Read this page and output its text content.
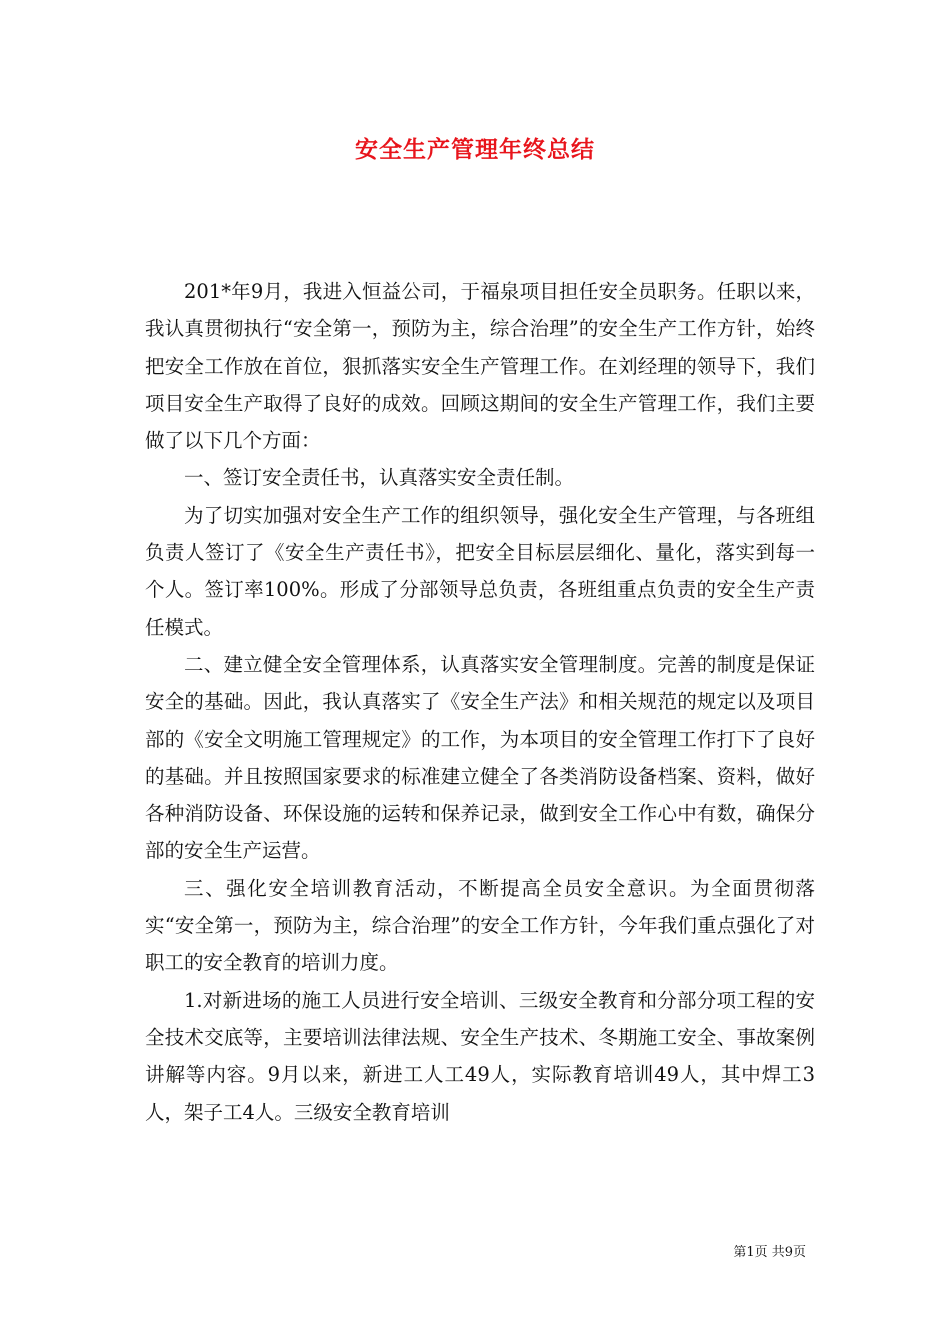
安全生产管理年终总结

201*年9月，我进入恒益公司，于福泉项目担任安全员职务。任职以来，我认真贯彻执行“安全第一，预防为主，综合治理”的安全生产工作方针，始终把安全工作放在首位，狠抓落实安全生产管理工作。在刘经理的领导下，我们项目安全生产取得了良好的成效。回顾这期间的安全生产管理工作，我们主要做了以下几个方面：

一、签订安全责任书，认真落实安全责任制。

为了切实加强对安全生产工作的组织领导，强化安全生产管理，与各班组负责人签订了《安全生产责任书》，把安全目标层层细化、量化，落实到每一个人。签订率100%。形成了分部领导总负责，各班组重点负责的安全生产责任模式。

二、建立健全安全管理体系，认真落实安全管理制度。完善的制度是保证安全的基础。因此，我认真落实了《安全生产法》和相关规范的规定以及项目部的《安全文明施工管理规定》的工作，为本项目的安全管理工作打下了良好的基础。并且按照国家要求的标准建立健全了各类消防设备档案、资料，做好各种消防设备、环保设施的运转和保养记录，做到安全工作心中有数，确保分部的安全生产运营。

三、强化安全培训教育活动，不断提高全员安全意识。为全面贯彻落实“安全第一，预防为主，综合治理”的安全工作方针，今年我们重点强化了对职工的安全教育的培训力度。

1.对新进场的施工人员进行安全培训、三级安全教育和分部分项工程的安全技术交底等，主要培训法律法规、安全生产技术、冬期施工安全、事故案例讲解等内容。9月以来，新进工人工49人，实际教育培训49人，其中焊工3人，架子工4人。三级安全教育培训

第1页 共9页
